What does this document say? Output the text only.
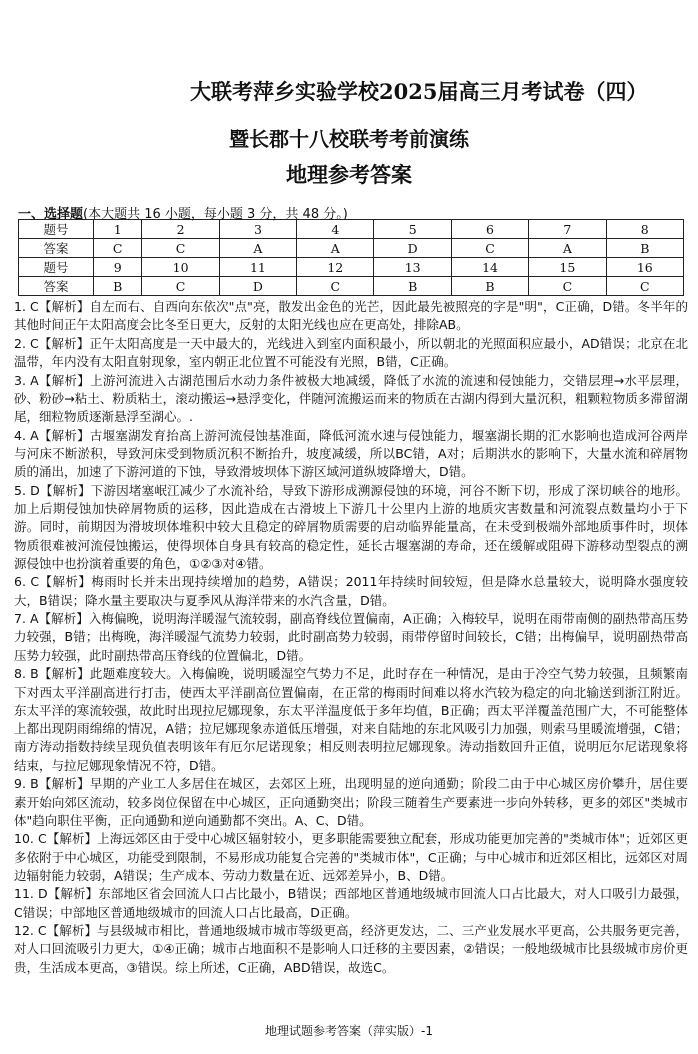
大联考萍乡实验学校2025届高三月考试卷（四）
暨长郡十八校联考考前演练
地理参考答案
一、选择题(本大题共 16 小题，每小题 3 分，共 48 分。)
题号	1	2	3	4	5	6	7	8
答案	C	C	A	A	D	C	A	B
题号	9	10	11	12	13	14	15	16
答案	B	C	D	C	B	B	C	C

1. C【解析】自左而右、自西向东依次"点"亮，散发出金色的光芒，因此最先被照亮的字是"明"，C正确，D错。冬半年的其他时间正午太阳高度会比冬至日更大，反射的太阳光线也应在更高处，排除AB。

2. C【解析】正午太阳高度是一天中最大的，光线进入到室内面积最小，所以朝北的光照面积应最小，AD错误；北京在北温带，年内没有太阳直射现象，室内朝正北位置不可能没有光照，B错，C正确。

3. A【解析】上游河流进入古湖范围后水动力条件被极大地减缓，降低了水流的流速和侵蚀能力，交错层理→水平层理，砂、粉砂→粘土、粉质粘土，滚动搬运→悬浮变化，伴随河流搬运而来的物质在古湖内得到大量沉积，粗颗粒物质多滞留湖尾，细粒物质逐渐悬浮至湖心。.

4. A【解析】古堰塞湖发育抬高上游河流侵蚀基准面，降低河流水速与侵蚀能力，堰塞湖长期的汇水影响也造成河谷两岸与河床不断淤积，导致河床受到物质沉积不断抬升，坡度减缓，所以BC错，A对；后期洪水的影响下，大量水流和碎屑物质的涌出，加速了下游河道的下蚀，导致滑坡坝体下游区域河道纵坡降增大，D错。

5. D【解析】下游因堵塞岷江减少了水流补给，导致下游形成溯源侵蚀的环境，河谷不断下切，形成了深切峡谷的地形。加上后期侵蚀加快碎屑物质的运移，因此造成在古滑坡上下游几十公里内上游的地质灾害数量和河流裂点数量均小于下游。同时，前期因为滑坡坝体堆积中较大且稳定的碎屑物质需要的启动临界能量高，在未受到极端外部地质事件时，坝体物质很难被河流侵蚀搬运，使得坝体自身具有较高的稳定性，延长古堰塞湖的寿命，还在缓解或阻碍下游移动型裂点的溯源侵蚀中也扮演着重要的角色，①②③对④错。

6. C【解析】梅雨时长并未出现持续增加的趋势，A错误；2011年持续时间较短，但是降水总量较大，说明降水强度较大，B错误；降水量主要取决与夏季风从海洋带来的水汽含量，D错。

7. A【解析】入梅偏晚，说明海洋暖湿气流较弱，副高脊线位置偏南，A正确；入梅较早，说明在雨带南侧的副热带高压势力较强，B错；出梅晚，海洋暖湿气流势力较弱，此时副高势力较弱，雨带停留时间较长，C错；出梅偏早，说明副热带高压势力较强，此时副热带高压脊线的位置偏北，D错。

8. B【解析】此题难度较大。入梅偏晚，说明暖湿空气势力不足，此时存在一种情况，是由于冷空气势力较强，且频繁南下对西太平洋副高进行打击，使西太平洋副高位置偏南，在正常的梅雨时间难以将水汽较为稳定的向北输送到浙江附近。东太平洋的寒流较强，故此时出现拉尼娜现象，东太平洋温度低于多年均值，B正确；西太平洋覆盖范围广大，不可能整体上都出现阴雨绵绵的情况，A错；拉尼娜现象赤道低压增强，对来自陆地的东北风吸引力加强，则索马里暖流增强，C错；南方涛动指数持续呈现负值表明该年有厄尔尼诺现象；相反则表明拉尼娜现象。涛动指数回升正值，说明厄尔尼诺现象将结束，与拉尼娜现象情况不符，D错。

9. B【解析】早期的产业工人多居住在城区，去郊区上班，出现明显的逆向通勤；阶段二由于中心城区房价攀升，居住要素开始向郊区流动，较多岗位保留在中心城区，正向通勤突出；阶段三随着生产要素进一步向外转移，更多的郊区"类城市体"趋向职住平衡，正向通勤和逆向通勤都不突出。A、C、D错。

10. C【解析】上海远郊区由于受中心城区辐射较小，更多职能需要独立配套，形成功能更加完善的"类城市体"；近郊区更多依附于中心城区，功能受到限制，不易形成功能复合完善的"类城市体"，C正确；与中心城市和近郊区相比，远郊区对周边辐射能力较弱，A错误；生产成本、劳动力数量在近、远郊差异小，B、D错。

11. D【解析】东部地区省会回流人口占比最小，B错误；西部地区普通地级城市回流人口占比最大，对人口吸引力最强，C错误；中部地区普通地级城市的回流人口占比最高，D正确。

12. C【解析】与县级城市相比，普通地级城市城市等级更高，经济更发达，二、三产业发展水平更高，公共服务更完善，对人口回流吸引力更大，①④正确；城市占地面积不是影响人口迁移的主要因素，②错误；一般地级城市比县级城市房价更贵，生活成本更高，③错误。综上所述，C正确，ABD错误，故选C。

地理试题参考答案（萍实版）-1
